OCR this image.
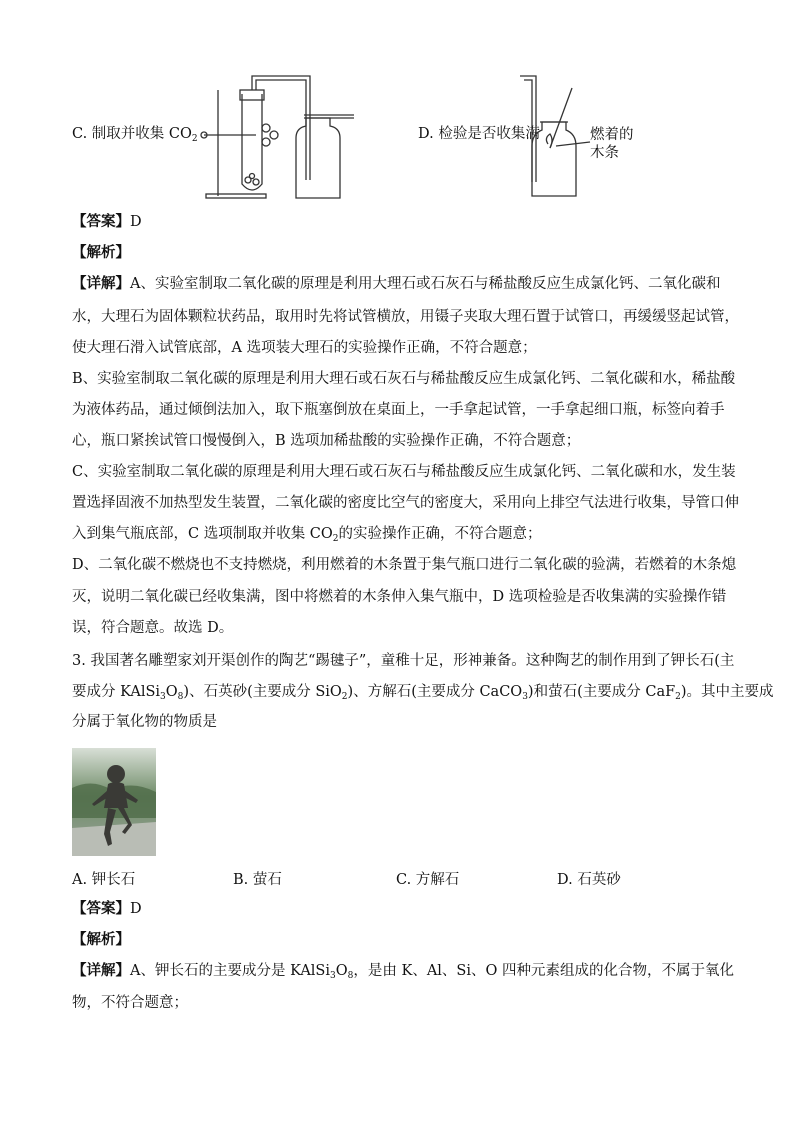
C. 制取并收集 $CO_2$	D. 检验是否收集满	燃着的
木条
【答案】D
【解析】
【详解】A、实验室制取二氧化碳的原理是利用大理石或石灰石与稀盐酸反应生成氯化钙、二氧化碳和
水，大理石为固体颗粒状药品，取用时先将试管横放，用镊子夹取大理石置于试管口，再缓缓竖起试管，
使大理石滑入试管底部，A 选项装大理石的实验操作正确，不符合题意；
B、实验室制取二氧化碳的原理是利用大理石或石灰石与稀盐酸反应生成氯化钙、二氧化碳和水，稀盐酸
为液体药品，通过倾倒法加入，取下瓶塞倒放在桌面上，一手拿起试管，一手拿起细口瓶，标签向着手
心，瓶口紧挨试管口慢慢倒入，B 选项加稀盐酸的实验操作正确，不符合题意；
C、实验室制取二氧化碳的原理是利用大理石或石灰石与稀盐酸反应生成氯化钙、二氧化碳和水，发生装
置选择固液不加热型发生装置，二氧化碳的密度比空气的密度大，采用向上排空气法进行收集，导管口伸
入到集气瓶底部，C 选项制取并收集 $CO_2$的实验操作正确，不符合题意；
D、二氧化碳不燃烧也不支持燃烧，利用燃着的木条置于集气瓶口进行二氧化碳的验满，若燃着的木条熄
灭，说明二氧化碳已经收集满，图中将燃着的木条伸入集气瓶中，D 选项检验是否收集满的实验操作错
误，符合题意。故选 D。
3. 我国著名雕塑家刘开渠创作的陶艺“踢毽子”，童稚十足，形神兼备。这种陶艺的制作用到了钾长石(主
要成分 $KAlSi_3O_8$)、石英砂(主要成分 SiO$_2$)、方解石(主要成分 CaCO$_3$)和萤石(主要成分 CaF$_2$)。其中主要成
分属于氧化物的物质是
A. 钾长石	B. 萤石	C. 方解石	D. 石英砂
【答案】D
【解析】
【详解】A、钾长石的主要成分是 $KAlSi_3O_8$，是由 K、Al、Si、O 四种元素组成的化合物，不属于氧化
物，不符合题意；
